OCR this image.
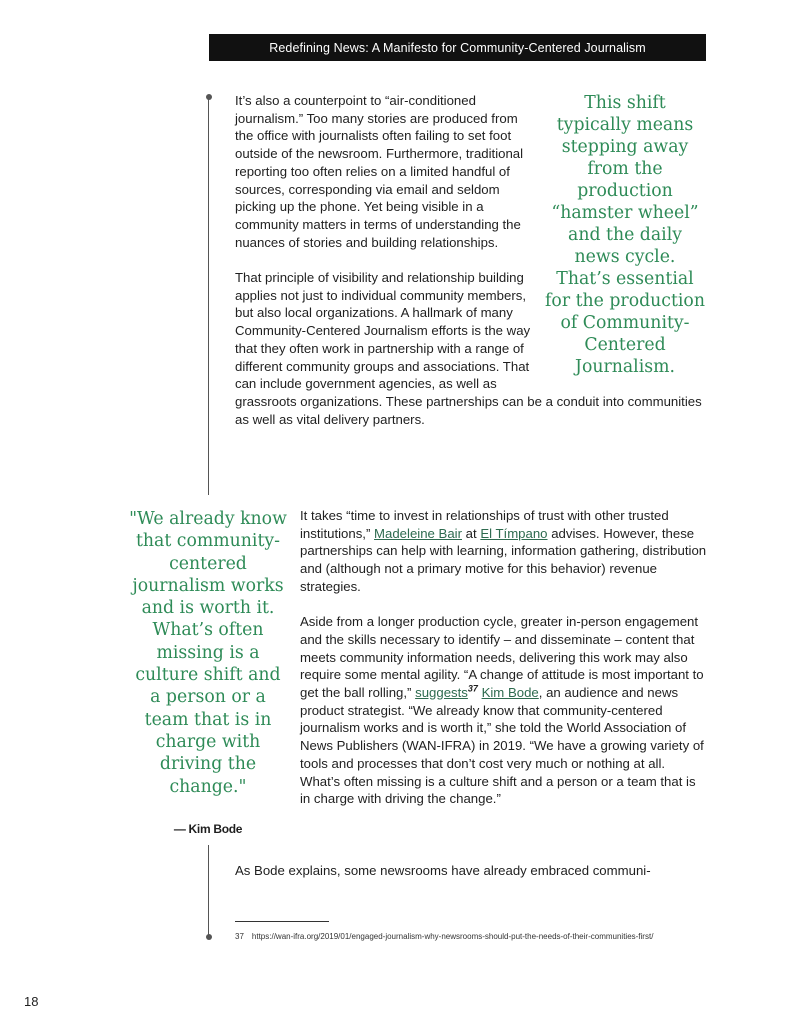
Redefining News: A Manifesto for Community-Centered Journalism
This shift typically means stepping away from the production “hamster wheel” and the daily news cycle. That’s essential for the production of Community-Centered Journalism.

It’s also a counterpoint to “air-conditioned journalism.” Too many stories are produced from the office with journalists often failing to set foot outside of the newsroom. Furthermore, traditional reporting too often relies on a limited handful of sources, corresponding via email and seldom picking up the phone. Yet being visible in a community matters in terms of understanding the nuances of stories and building relationships.

That principle of visibility and relationship building applies not just to individual community members, but also local organizations. A hallmark of many Community-Centered Journalism efforts is the way that they often work in partnership with a range of different community groups and associations. That can include government agencies, as well as grassroots organizations. These partnerships can be a conduit into communities as well as vital delivery partners.

"We already know that community-centered journalism works and is worth it. What’s often missing is a culture shift and a person or a team that is in charge with driving the change."
— Kim Bode

It takes “time to invest in relationships of trust with other trusted institutions,” Madeleine Bair at El Tímpano advises. However, these partnerships can help with learning, information gathering, distribution and (although not a primary motive for this behavior) revenue strategies.

Aside from a longer production cycle, greater in-person engagement and the skills necessary to identify – and disseminate – content that meets community information needs, delivering this work may also require some mental agility. “A change of attitude is most important to get the ball rolling,” suggests$^{37}$ Kim Bode, an audience and news product strategist. “We already know that community-centered journalism works and is worth it,” she told the World Association of News Publishers (WAN-IFRA) in 2019. “We have a growing variety of tools and processes that don’t cost very much or nothing at all. What’s often missing is a culture shift and a person or a team that is in charge with driving the change.”

As Bode explains, some newsrooms have already embraced communi-
37 https://wan-ifra.org/2019/01/engaged-journalism-why-newsrooms-should-put-the-needs-of-their-communities-first/
18
